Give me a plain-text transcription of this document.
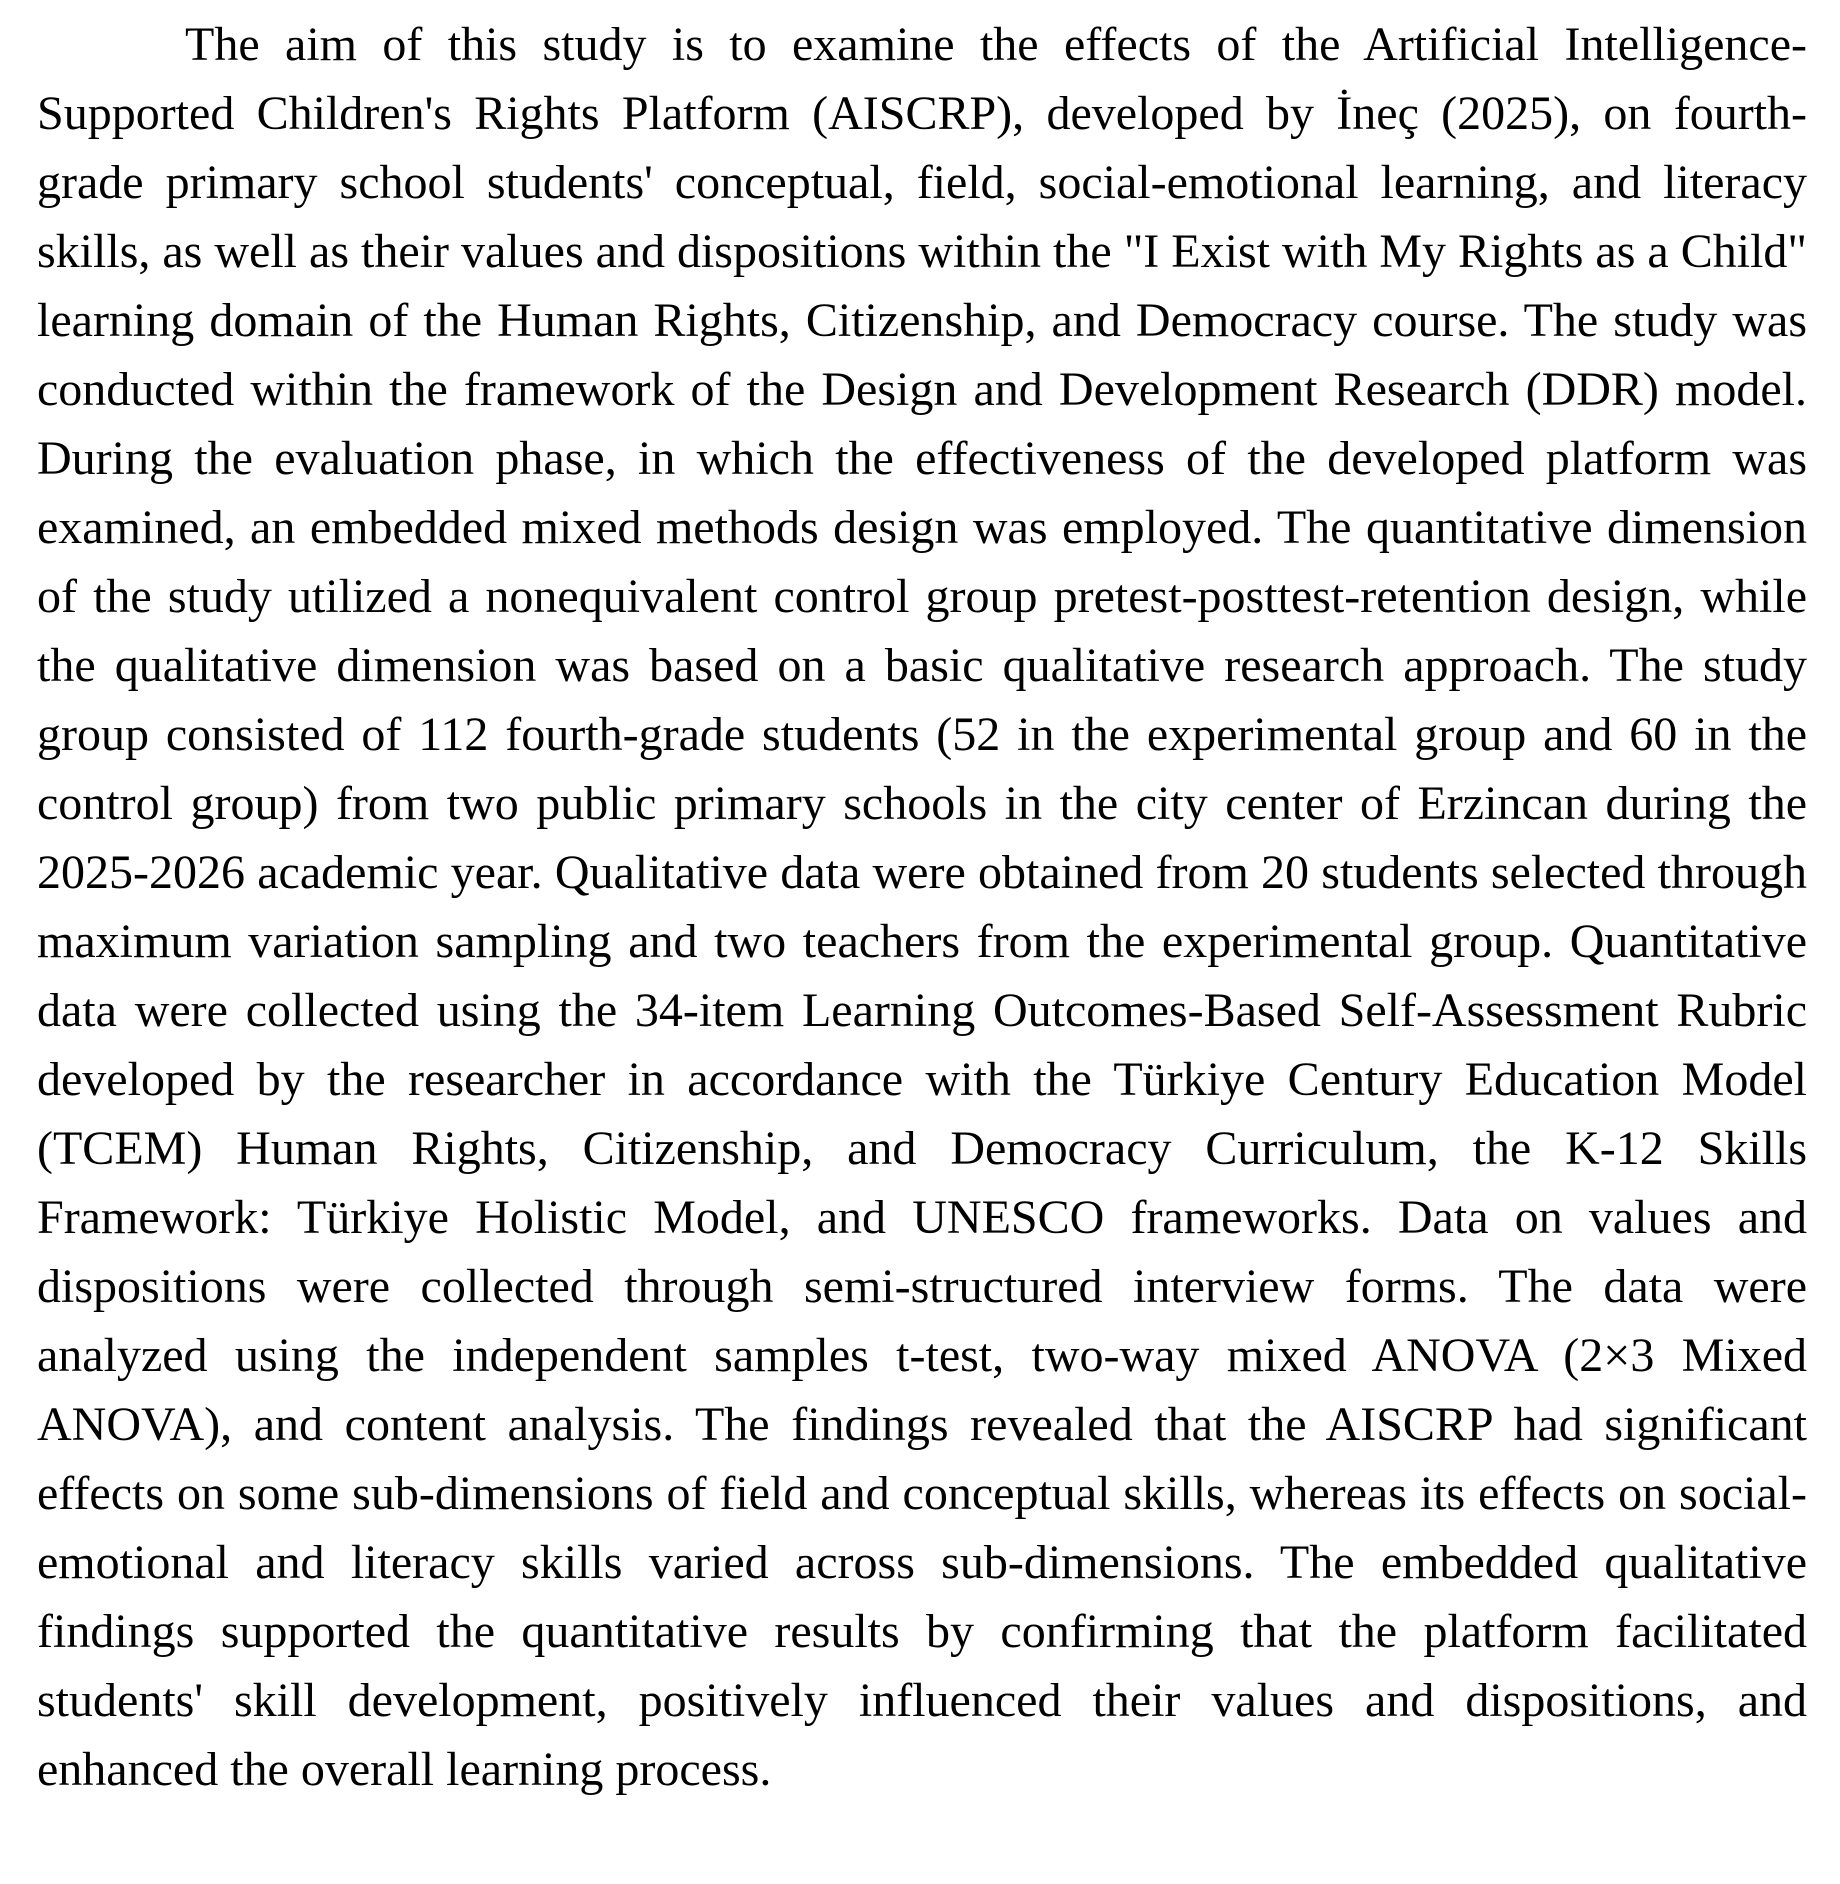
The aim of this study is to examine the effects of the Artificial Intelligence-Supported Children's Rights Platform (AISCRP), developed by İneç (2025), on fourth-grade primary school students' conceptual, field, social-emotional learning, and literacy skills, as well as their values and dispositions within the "I Exist with My Rights as a Child" learning domain of the Human Rights, Citizenship, and Democracy course. The study was conducted within the framework of the Design and Development Research (DDR) model. During the evaluation phase, in which the effectiveness of the developed platform was examined, an embedded mixed methods design was employed. The quantitative dimension of the study utilized a nonequivalent control group pretest-posttest-retention design, while the qualitative dimension was based on a basic qualitative research approach. The study group consisted of 112 fourth-grade students (52 in the experimental group and 60 in the control group) from two public primary schools in the city center of Erzincan during the 2025-2026 academic year. Qualitative data were obtained from 20 students selected through maximum variation sampling and two teachers from the experimental group. Quantitative data were collected using the 34-item Learning Outcomes-Based Self-Assessment Rubric developed by the researcher in accordance with the Türkiye Century Education Model (TCEM) Human Rights, Citizenship, and Democracy Curriculum, the K-12 Skills Framework: Türkiye Holistic Model, and UNESCO frameworks. Data on values and dispositions were collected through semi-structured interview forms. The data were analyzed using the independent samples t-test, two-way mixed ANOVA (2×3 Mixed ANOVA), and content analysis. The findings revealed that the AISCRP had significant effects on some sub-dimensions of field and conceptual skills, whereas its effects on social-emotional and literacy skills varied across sub-dimensions. The embedded qualitative findings supported the quantitative results by confirming that the platform facilitated students' skill development, positively influenced their values and dispositions, and enhanced the overall learning process.
